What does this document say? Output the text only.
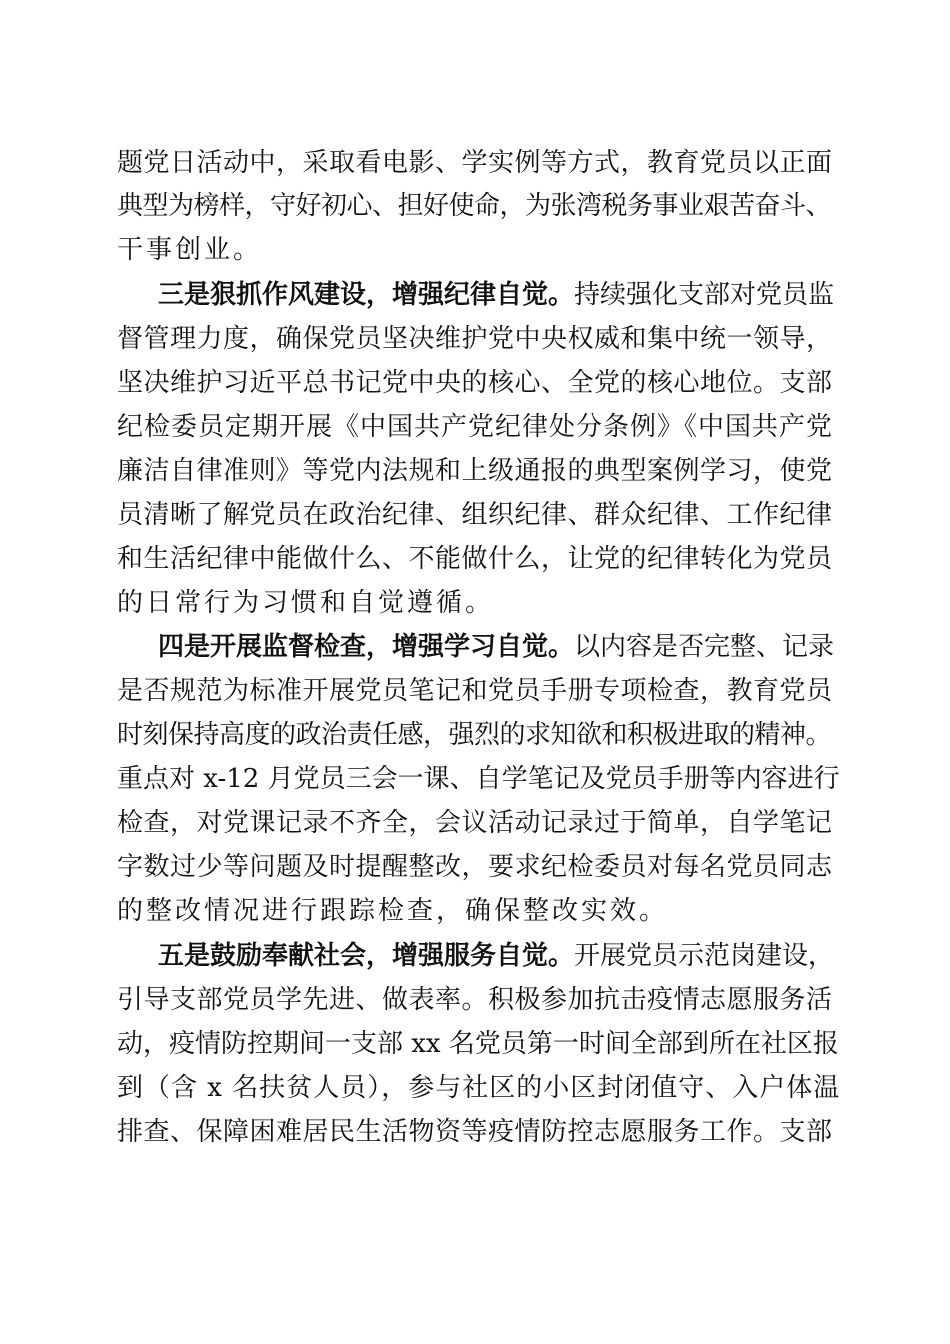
题党日活动中，采取看电影、学实例等方式，教育党员以正面
典型为榜样，守好初心、担好使命，为张湾税务事业艰苦奋斗、
干事创业。
三是狠抓作风建设，增强纪律自觉。持续强化支部对党员监
督管理力度，确保党员坚决维护党中央权威和集中统一领导，
坚决维护习近平总书记党中央的核心、全党的核心地位。支部
纪检委员定期开展《中国共产党纪律处分条例》《中国共产党
廉洁自律准则》等党内法规和上级通报的典型案例学习，使党
员清晰了解党员在政治纪律、组织纪律、群众纪律、工作纪律
和生活纪律中能做什么、不能做什么，让党的纪律转化为党员
的日常行为习惯和自觉遵循。
四是开展监督检查，增强学习自觉。以内容是否完整、记录
是否规范为标准开展党员笔记和党员手册专项检查，教育党员
时刻保持高度的政治责任感，强烈的求知欲和积极进取的精神。
重点对 x-12 月党员三会一课、自学笔记及党员手册等内容进行
检查，对党课记录不齐全，会议活动记录过于简单，自学笔记
字数过少等问题及时提醒整改，要求纪检委员对每名党员同志
的整改情况进行跟踪检查，确保整改实效。
五是鼓励奉献社会，增强服务自觉。开展党员示范岗建设，
引导支部党员学先进、做表率。积极参加抗击疫情志愿服务活
动，疫情防控期间一支部 xx 名党员第一时间全部到所在社区报
到（含 x 名扶贫人员），参与社区的小区封闭值守、入户体温
排查、保障困难居民生活物资等疫情防控志愿服务工作。支部
